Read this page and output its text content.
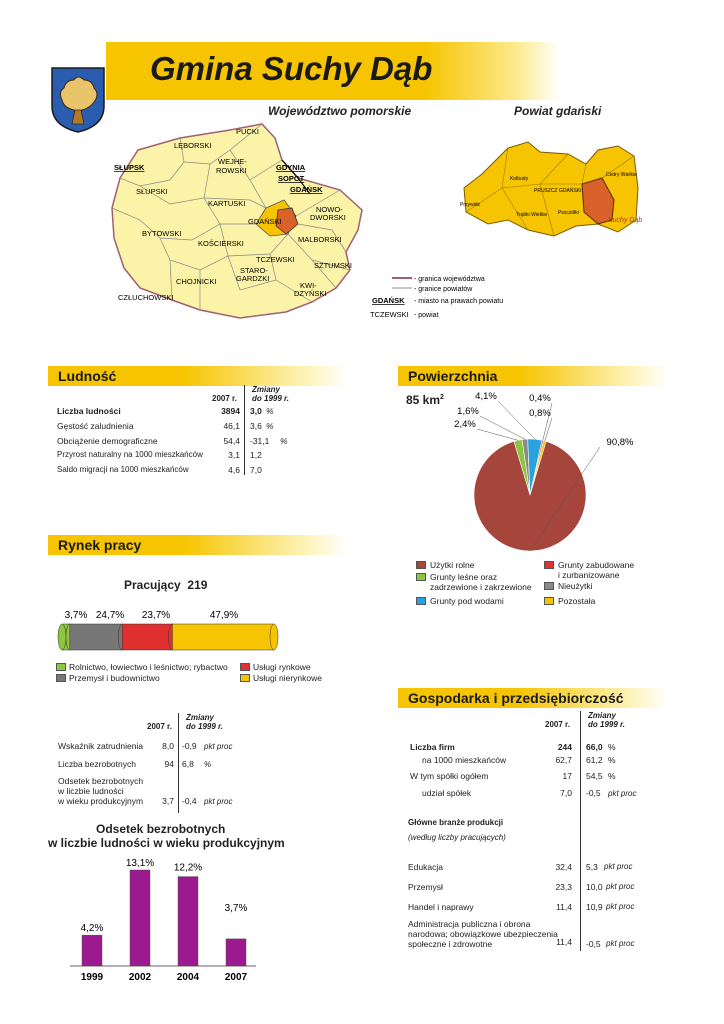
Gmina Suchy Dąb
Województwo pomorskie	Powiat gdański
PUCKI
LĘBORSKI
SŁUPSK
WEJHE-
ROWSKI	GDYNIA
SOPOT
GDAŃSK
SŁUPSKI
KARTUSKI
NOWO-
DWORSKI
GDAŃSKI
BYTOWSKI
KOŚCIERSKI	MALBORSKI
TCZEWSKI
STARO-
GARDZKI
SZTUMSKI
CHOJNICKI	KWI-
DZYŃSKI
CZŁUCHOWSKI
- granica województwa
- granice powiatów
GDAŃSK - miasto na prawach powiatu
TCZEWSKI - powiat
Kolbudy
Cedry Wielkie
Przywidz
PRUSZCZ GDAŃSKI
Trąbki Wielkie Pszczółki
Suchy Dąb
Ludność
2007 r.
Zmiany
do 1999 r.
Liczba ludności	3894 3,0 %
Gęstość zaludnienia	46,1 3,6 %
Obciążenie demograficzne	54,4 -31,1 %
Przyrost naturalny na 1000 mieszkańców	3,1 1,2
Saldo migracji na 1000 mieszkańców	4,6 7,0
Powierzchnia
85 $km^2$
2,4%
1,6%
4,1%	0,4%
0,8%
90,8%
Użytki rolne	Grunty zabudowane
i zurbanizowane
Grunty leśne oraz
zadrzewione i zakrzewione	Nieużytki
Grunty pod wodami	Pozostała
Rynek pracy
Pracujący 219
3,7% 24,7% 23,7%	47,9%
Rolnictwo, łowiectwo i leśnictwo; rybactwo
Przemysł i budownictwo
Usługi rynkowe
Usługi nierynkowe
2007 r.
Zmiany
do 1999 r.
Wskaźnik zatrudnienia	8,0 -0,9 pkt proc
Liczba bezrobotnych	94 6,8 %
Odsetek bezrobotnych
w liczbie ludności
w wieku produkcyjnym	3,7 -0,4 pkt proc
Odsetek bezrobotnych
w liczbie ludności w wieku produkcyjnym
4,2%
1999
13,1%
2002
12,2%
2004
3,7%
2007
Gospodarka i przedsiębiorczość
2007 r.
Zmiany
do 1999 r.
Liczba firm	244 66,0 %
na 1000 mieszkańców	62,7 61,2 %
W tym spółki ogółem	17 54,5 %
udział spółek	7,0 -0,5 pkt proc
Główne branże produkcji
(według liczby pracujących)
Edukacja	32,4 5,3 pkt proc
Przemysł	23,3 10,0 pkt proc
Handel i naprawy	11,4 10,9 pkt proc
Administracja publiczna i obrona
narodowa; obowiązkowe ubezpieczenia
społeczne i zdrowotne	11,4 -0,5 pkt proc
